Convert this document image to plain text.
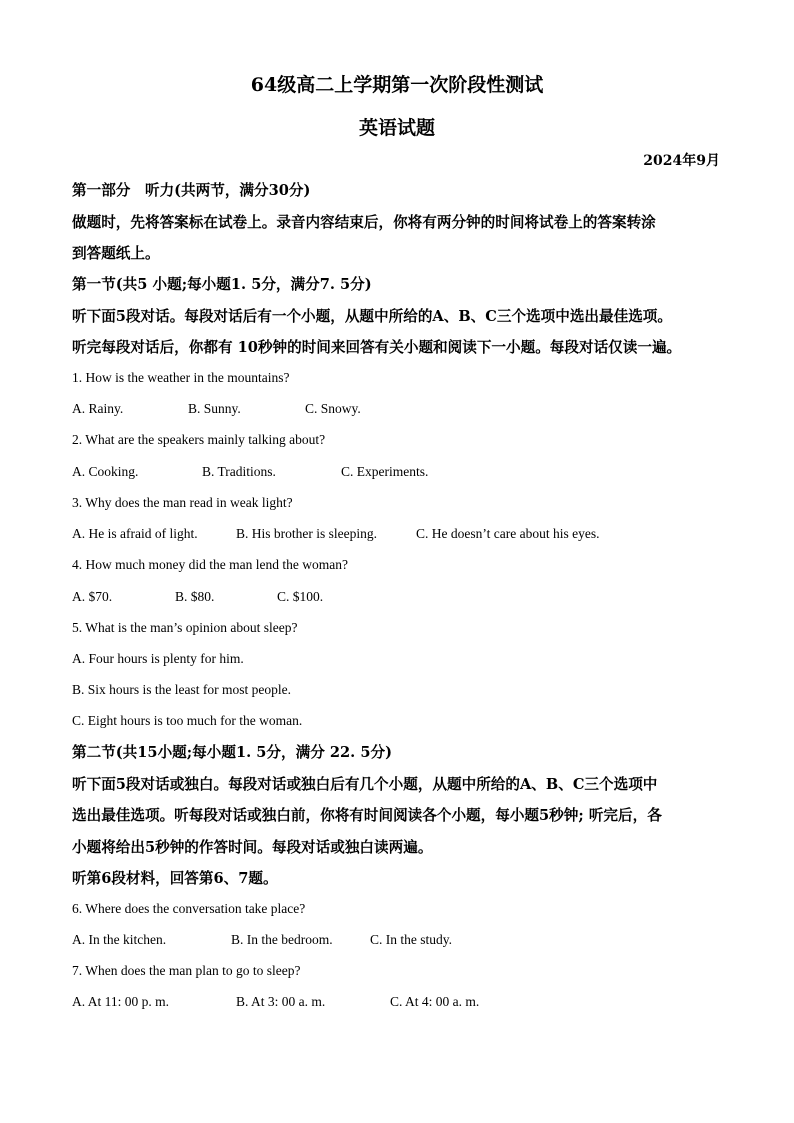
64级高二上学期第一次阶段性测试
英语试题
2024年9月
第一部分　听力(共两节，满分30分)
做题时，先将答案标在试卷上。录音内容结束后，你将有两分钟的时间将试卷上的答案转涂
到答题纸上。
第一节(共5 小题;每小题1. 5分，满分7. 5分)
听下面5段对话。每段对话后有一个小题，从题中所给的A、B、C三个选项中选出最佳选项。
听完每段对话后，你都有 10秒钟的时间来回答有关小题和阅读下一小题。每段对话仅读一遍。
1. How is the weather in the mountains?
A. Rainy.	B. Sunny.	C. Snowy.
2. What are the speakers mainly talking about?
A. Cooking.	B. Traditions.	C. Experiments.
3. Why does the man read in weak light?
A. He is afraid of light.	B. His brother is sleeping.	C. He doesn’t care about his eyes.
4. How much money did the man lend the woman?
A. $70.	B. $80.	C. $100.
5. What is the man’s opinion about sleep?
A. Four hours is plenty for him.
B. Six hours is the least for most people.
C. Eight hours is too much for the woman.
第二节(共15小题;每小题1. 5分，满分 22. 5分)
听下面5段对话或独白。每段对话或独白后有几个小题，从题中所给的A、B、C三个选项中
选出最佳选项。听每段对话或独白前，你将有时间阅读各个小题，每小题5秒钟; 听完后，各
小题将给出5秒钟的作答时间。每段对话或独白读两遍。
听第6段材料，回答第6、7题。
6. Where does the conversation take place?
A. In the kitchen.	B. In the bedroom.	C. In the study.
7. When does the man plan to go to sleep?
A. At 11: 00 p. m.	B. At 3: 00 a. m.	C. At 4: 00 a. m.
